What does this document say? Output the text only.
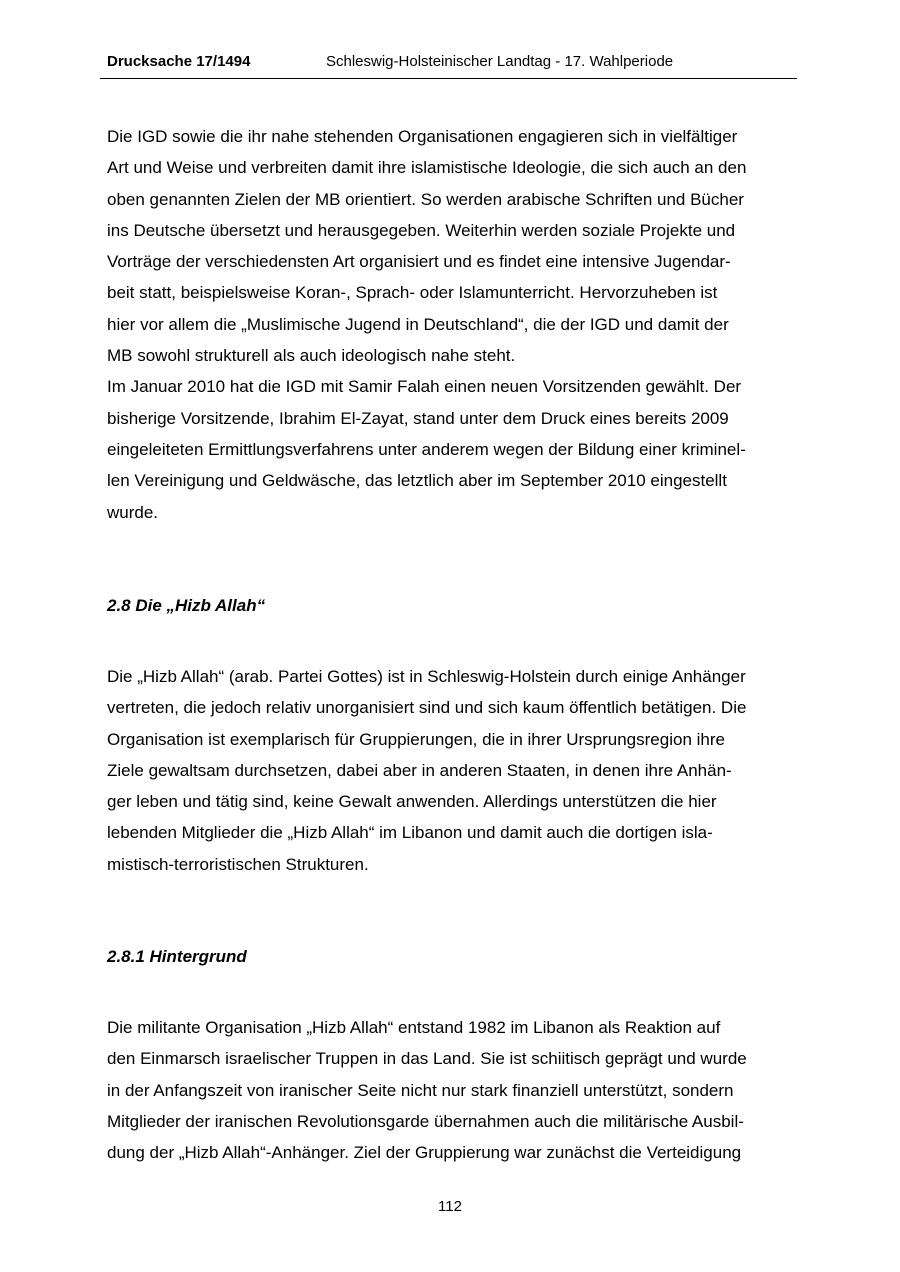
Drucksache 17/1494	Schleswig-Holsteinischer Landtag - 17. Wahlperiode
Die IGD sowie die ihr nahe stehenden Organisationen engagieren sich in vielfältiger
Art und Weise und verbreiten damit ihre islamistische Ideologie, die sich auch an den
oben genannten Zielen der MB orientiert. So werden arabische Schriften und Bücher
ins Deutsche übersetzt und herausgegeben. Weiterhin werden soziale Projekte und
Vorträge der verschiedensten Art organisiert und es findet eine intensive Jugendar-
beit statt, beispielsweise Koran-, Sprach- oder Islamunterricht. Hervorzuheben ist
hier vor allem die „Muslimische Jugend in Deutschland“, die der IGD und damit der
MB sowohl strukturell als auch ideologisch nahe steht.
Im Januar 2010 hat die IGD mit Samir Falah einen neuen Vorsitzenden gewählt. Der
bisherige Vorsitzende, Ibrahim El-Zayat, stand unter dem Druck eines bereits 2009
eingeleiteten Ermittlungsverfahrens unter anderem wegen der Bildung einer kriminel-
len Vereinigung und Geldwäsche, das letztlich aber im September 2010 eingestellt
wurde.
2.8 Die „Hizb Allah“
Die „Hizb Allah“ (arab. Partei Gottes) ist in Schleswig-Holstein durch einige Anhänger
vertreten, die jedoch relativ unorganisiert sind und sich kaum öffentlich betätigen. Die
Organisation ist exemplarisch für Gruppierungen, die in ihrer Ursprungsregion ihre
Ziele gewaltsam durchsetzen, dabei aber in anderen Staaten, in denen ihre Anhän-
ger leben und tätig sind, keine Gewalt anwenden. Allerdings unterstützen die hier
lebenden Mitglieder die „Hizb Allah“ im Libanon und damit auch die dortigen isla-
mistisch-terroristischen Strukturen.
2.8.1 Hintergrund
Die militante Organisation „Hizb Allah“ entstand 1982 im Libanon als Reaktion auf
den Einmarsch israelischer Truppen in das Land. Sie ist schiitisch geprägt und wurde
in der Anfangszeit von iranischer Seite nicht nur stark finanziell unterstützt, sondern
Mitglieder der iranischen Revolutionsgarde übernahmen auch die militärische Ausbil-
dung der „Hizb Allah“-Anhänger. Ziel der Gruppierung war zunächst die Verteidigung
112
